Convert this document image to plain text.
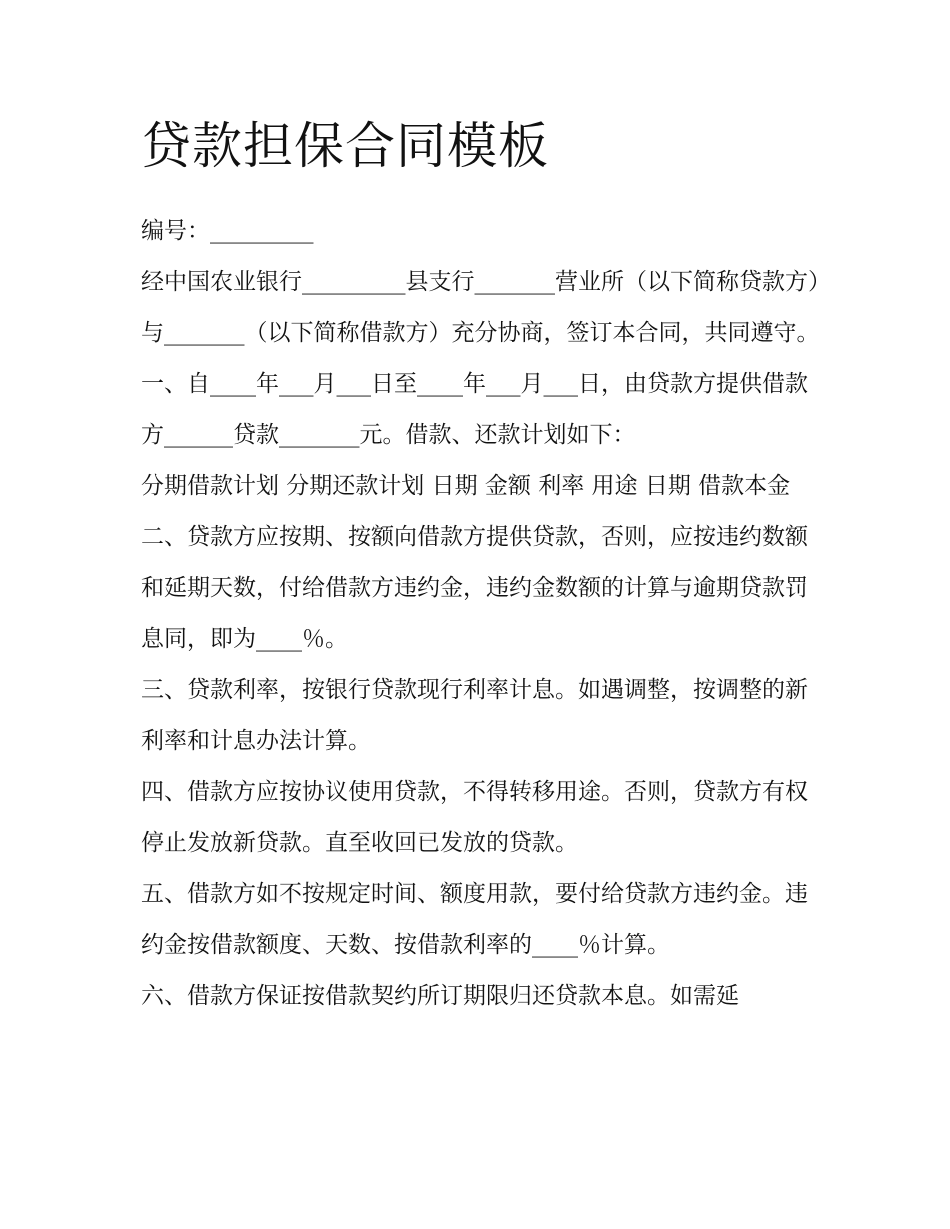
贷款担保合同模板

编号：_________

经中国农业银行_________县支行_______营业所（以下简称贷款方）与_______（以下简称借款方）充分协商，签订本合同，共同遵守。

一、自____年___月___日至____年___月___日，由贷款方提供借款方______贷款_______元。借款、还款计划如下：

分期借款计划 分期还款计划 日期 金额 利率 用途 日期 借款本金

二、贷款方应按期、按额向借款方提供贷款，否则，应按违约数额和延期天数，付给借款方违约金，违约金数额的计算与逾期贷款罚息同，即为____％。

三、贷款利率，按银行贷款现行利率计息。如遇调整，按调整的新利率和计息办法计算。

四、借款方应按协议使用贷款，不得转移用途。否则，贷款方有权停止发放新贷款。直至收回已发放的贷款。

五、借款方如不按规定时间、额度用款，要付给贷款方违约金。违约金按借款额度、天数、按借款利率的____％计算。

六、借款方保证按借款契约所订期限归还贷款本息。如需延
